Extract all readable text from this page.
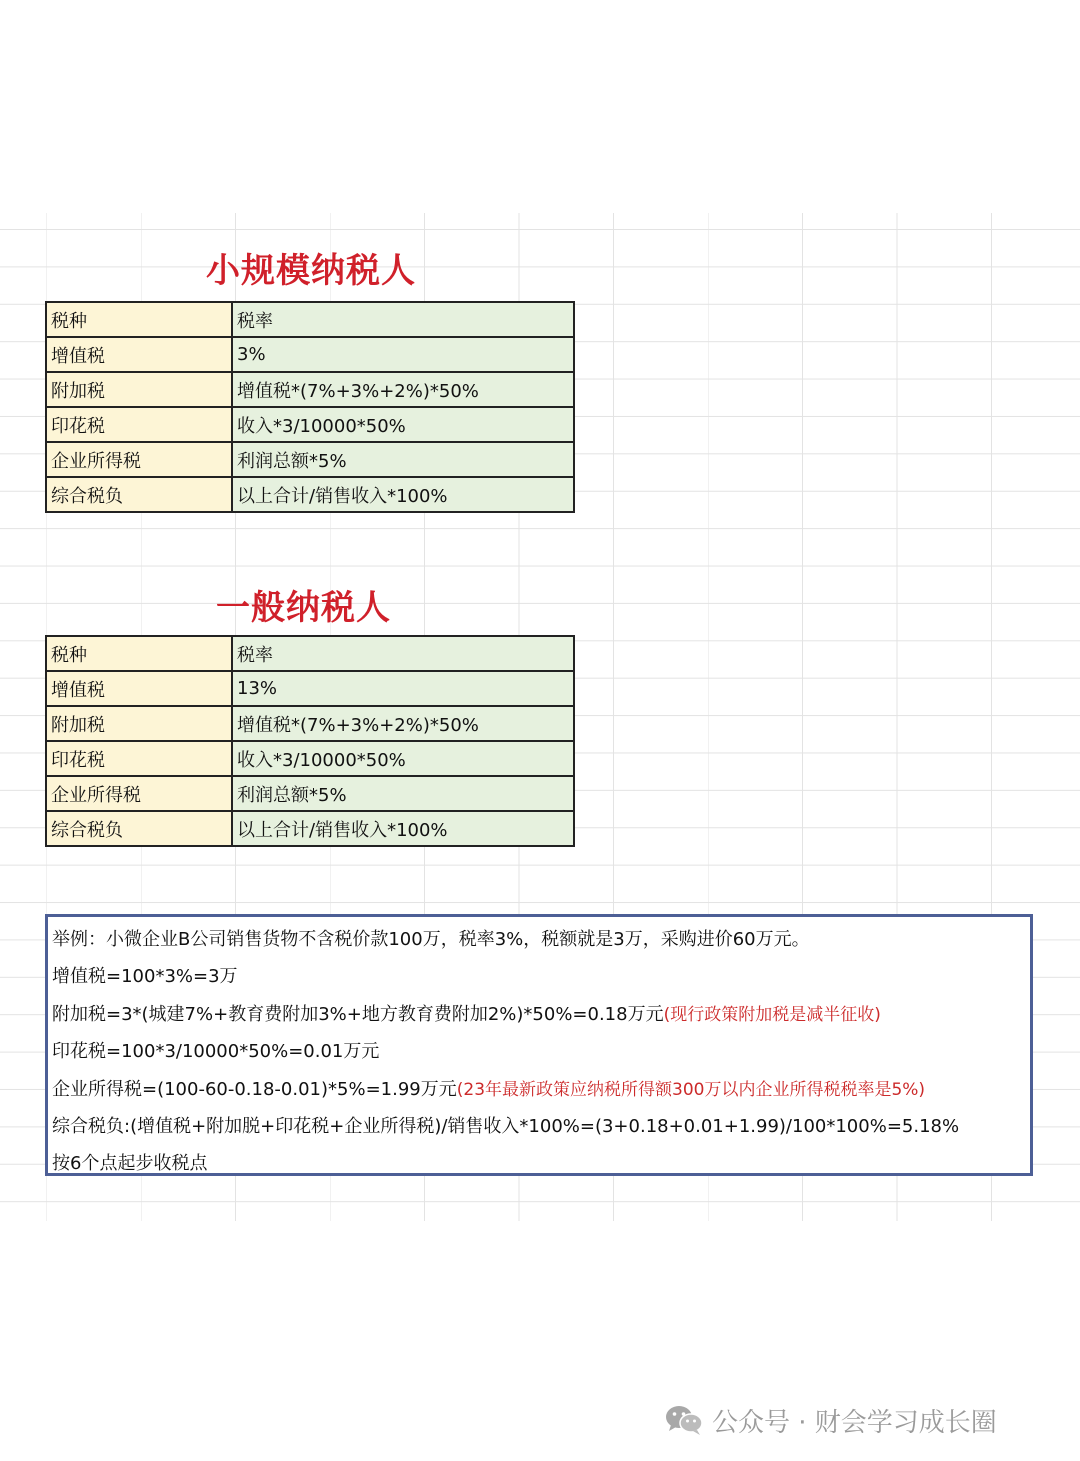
小规模纳税人
税种	税率
增值税	3%
附加税	增值税*(7%+3%+2%)*50%
印花税	收入*3/10000*50%
企业所得税	利润总额*5%
综合税负	以上合计/销售收入*100%
一般纳税人
税种	税率
增值税	13%
附加税	增值税*(7%+3%+2%)*50%
印花税	收入*3/10000*50%
企业所得税	利润总额*5%
综合税负	以上合计/销售收入*100%
举例：小微企业B公司销售货物不含税价款100万，税率3%，税额就是3万，采购进价60万元。
增值税=100*3%=3万
附加税=3*(城建7%+教育费附加3%+地方教育费附加2%)*50%=0.18万元(现行政策附加税是减半征收)
印花税=100*3/10000*50%=0.01万元
企业所得税=(100-60-0.18-0.01)*5%=1.99万元(23年最新政策应纳税所得额300万以内企业所得税税率是5%)
综合税负:(增值税+附加脱+印花税+企业所得税)/销售收入*100%=(3+0.18+0.01+1.99)/100*100%=5.18%
按6个点起步收税点
公众号 · 财会学习成长圈
